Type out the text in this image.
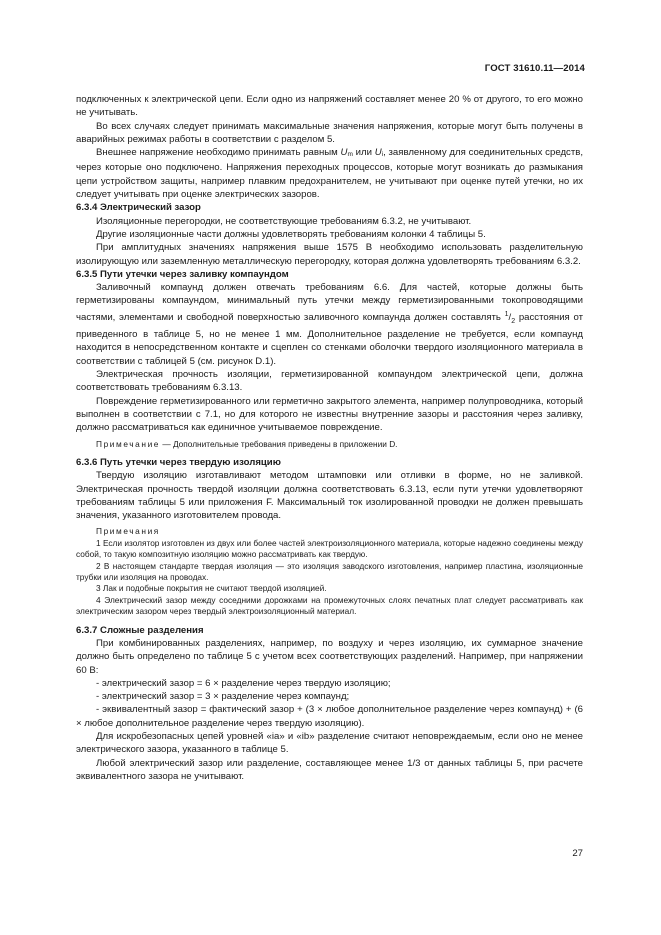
ГОСТ 31610.11—2014

подключенных к электрической цепи. Если одно из напряжений составляет менее 20 % от другого, то его можно не учитывать.

Во всех случаях следует принимать максимальные значения напряжения, которые могут быть получены в аварийных режимах работы в соответствии с разделом 5.

Внешнее напряжение необходимо принимать равным Um или Ui, заявленному для соединительных средств, через которые оно подключено. Напряжения переходных процессов, которые могут возникать до размыкания цепи устройством защиты, например плавким предохранителем, не учитывают при оценке путей утечки, но их следует учитывать при оценке электрических зазоров.

6.3.4 Электрический зазор

Изоляционные перегородки, не соответствующие требованиям 6.3.2, не учитывают.

Другие изоляционные части должны удовлетворять требованиям колонки 4 таблицы 5.

При амплитудных значениях напряжения выше 1575 В необходимо использовать разделительную изолирующую или заземленную металлическую перегородку, которая должна удовлетворять требованиям 6.3.2.

6.3.5 Пути утечки через заливку компаундом

Заливочный компаунд должен отвечать требованиям 6.6. Для частей, которые должны быть герметизированы компаундом, минимальный путь утечки между герметизированными токопроводящими частями, элементами и свободной поверхностью заливочного компаунда должен составлять $^1/_2$ расстояния от приведенного в таблице 5, но не менее 1 мм. Дополнительное разделение не требуется, если компаунд находится в непосредственном контакте и сцеплен со стенками оболочки твердого изоляционного материала в соответствии с таблицей 5 (см. рисунок D.1).

Электрическая прочность изоляции, герметизированной компаундом электрической цепи, должна соответствовать требованиям 6.3.13.

Повреждение герметизированного или герметично закрытого элемента, например полупроводника, который выполнен в соответствии с 7.1, но для которого не известны внутренние зазоры и расстояния через заливку, должно рассматриваться как единичное учитываемое повреждение.

Примечание — Дополнительные требования приведены в приложении D.

6.3.6 Путь утечки через твердую изоляцию

Твердую изоляцию изготавливают методом штамповки или отливки в форме, но не заливкой. Электрическая прочность твердой изоляции должна соответствовать 6.3.13, если пути утечки удовлетворяют требованиям таблицы 5 или приложения F. Максимальный ток изолированной проводки не должен превышать значения, указанного изготовителем провода.

Примечания

1 Если изолятор изготовлен из двух или более частей электроизоляционного материала, которые надежно соединены между собой, то такую композитную изоляцию можно рассматривать как твердую.

2 В настоящем стандарте твердая изоляция — это изоляция заводского изготовления, например пластина, изоляционные трубки или изоляция на проводах.

3 Лак и подобные покрытия не считают твердой изоляцией.

4 Электрический зазор между соседними дорожками на промежуточных слоях печатных плат следует рассматривать как электрическим зазором через твердый электроизоляционный материал.

6.3.7 Сложные разделения

При комбинированных разделениях, например, по воздуху и через изоляцию, их суммарное значение должно быть определено по таблице 5 с учетом всех соответствующих разделений. Например, при напряжении 60 В:

- электрический зазор = 6 × разделение через твердую изоляцию;

- электрический зазор = 3 × разделение через компаунд;

- эквивалентный зазор = фактический зазор + (3 × любое дополнительное разделение через компаунд) + (6 × любое дополнительное разделение через твердую изоляцию).

Для искробезопасных цепей уровней «ia» и «ib» разделение считают неповреждаемым, если оно не менее электрического зазора, указанного в таблице 5.

Любой электрический зазор или разделение, составляющее менее 1/3 от данных таблицы 5, при расчете эквивалентного зазора не учитывают.

27
